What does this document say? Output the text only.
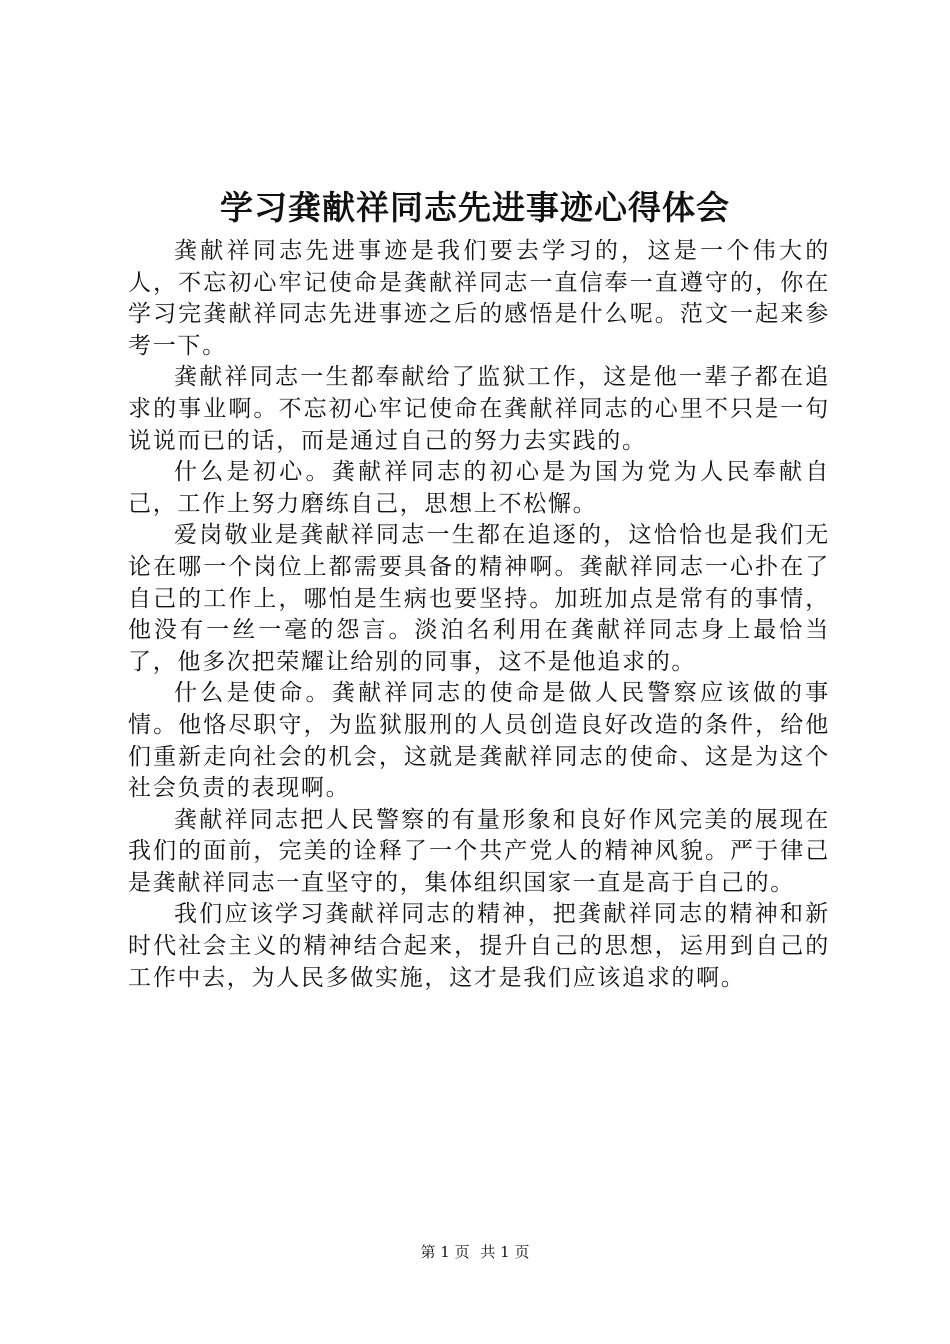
学习龚献祥同志先进事迹心得体会

龚献祥同志先进事迹是我们要去学习的，这是一个伟大的人，不忘初心牢记使命是龚献祥同志一直信奉一直遵守的，你在学习完龚献祥同志先进事迹之后的感悟是什么呢。范文一起来参考一下。

龚献祥同志一生都奉献给了监狱工作，这是他一辈子都在追求的事业啊。不忘初心牢记使命在龚献祥同志的心里不只是一句说说而已的话，而是通过自己的努力去实践的。

什么是初心。龚献祥同志的初心是为国为党为人民奉献自己，工作上努力磨练自己，思想上不松懈。

爱岗敬业是龚献祥同志一生都在追逐的，这恰恰也是我们无论在哪一个岗位上都需要具备的精神啊。龚献祥同志一心扑在了自己的工作上，哪怕是生病也要坚持。加班加点是常有的事情，他没有一丝一毫的怨言。淡泊名利用在龚献祥同志身上最恰当了，他多次把荣耀让给别的同事，这不是他追求的。

什么是使命。龚献祥同志的使命是做人民警察应该做的事情。他恪尽职守，为监狱服刑的人员创造良好改造的条件，给他们重新走向社会的机会，这就是龚献祥同志的使命、这是为这个社会负责的表现啊。

龚献祥同志把人民警察的有量形象和良好作风完美的展现在我们的面前，完美的诠释了一个共产党人的精神风貌。严于律己是龚献祥同志一直坚守的，集体组织国家一直是高于自己的。

我们应该学习龚献祥同志的精神，把龚献祥同志的精神和新时代社会主义的精神结合起来，提升自己的思想，运用到自己的工作中去，为人民多做实施，这才是我们应该追求的啊。

第 1 页 共 1 页
